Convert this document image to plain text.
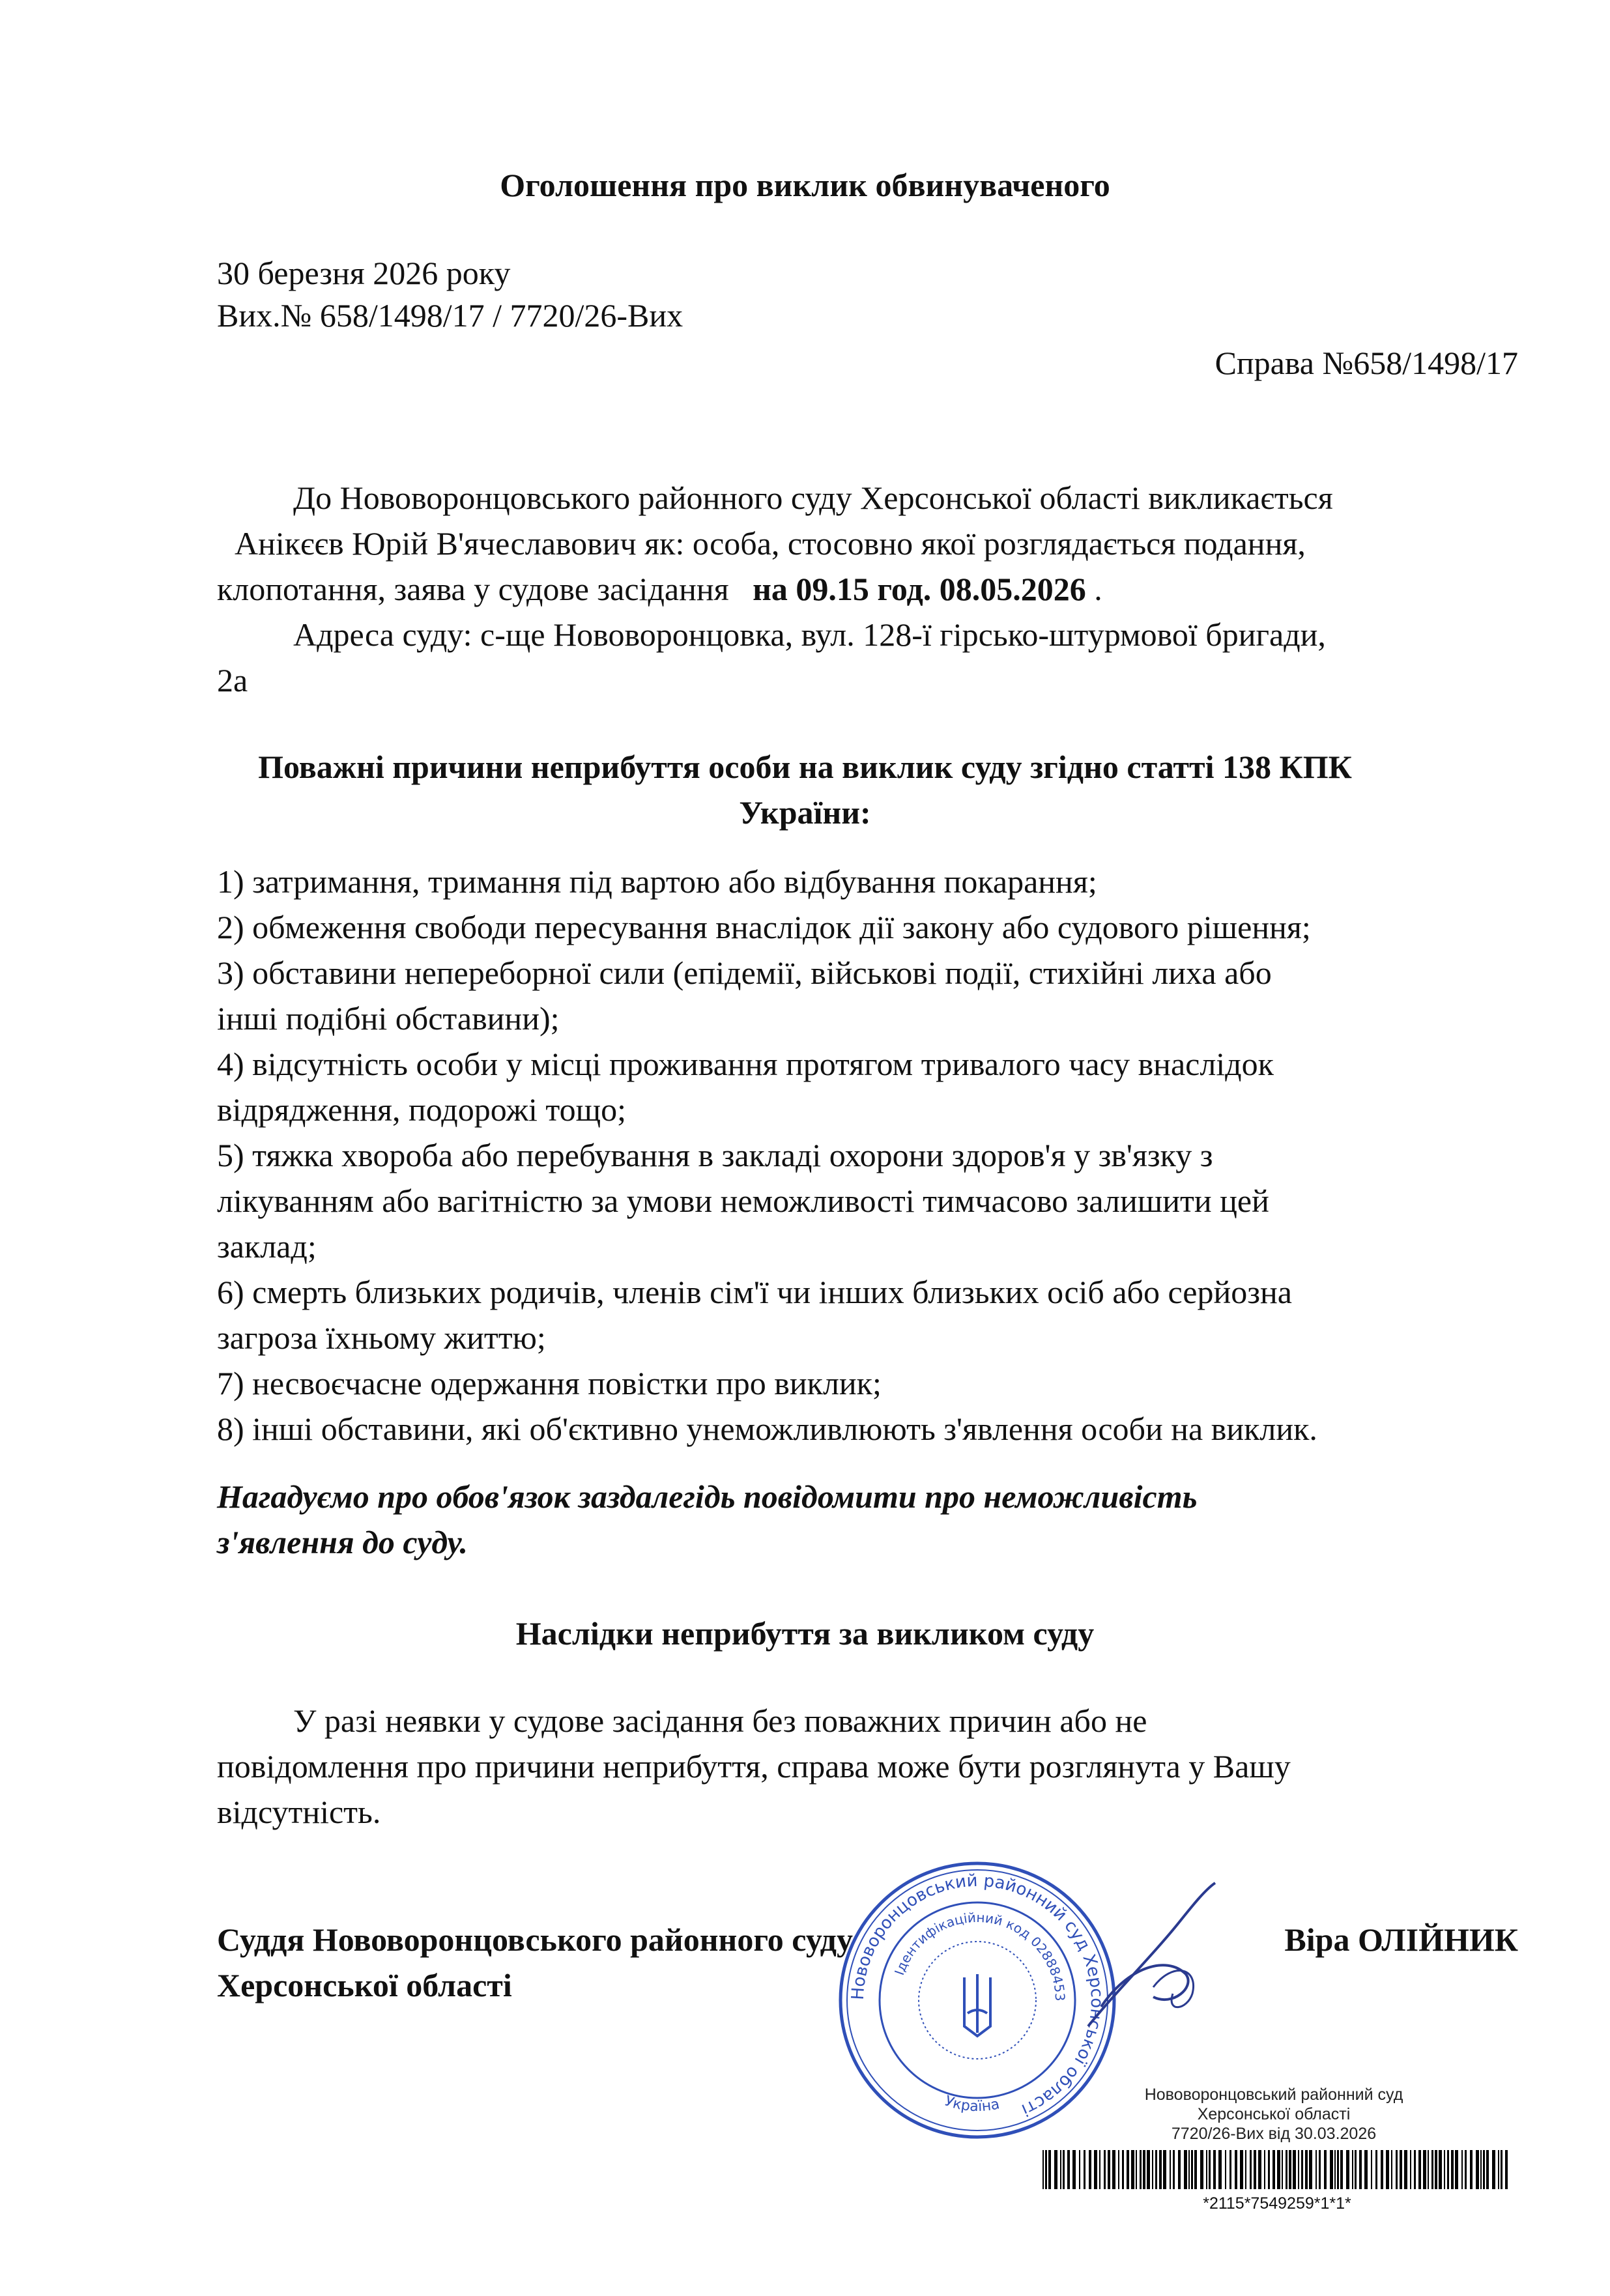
Оголошення про виклик обвинуваченого
30 березня 2026 року
Вих.№ 658/1498/17 / 7720/26-Вих
Справа №658/1498/17
До Нововоронцовського районного суду Херсонської області викликається
Анікєєв Юрій В'ячеславович як: особа, стосовно якої розглядається подання,
клопотання, заява у судове засідання на 09.15 год. 08.05.2026 .
Адреса суду: с-ще Нововоронцовка, вул. 128-ї гірсько-штурмової бригади,
2а
Поважні причини неприбуття особи на виклик суду згідно статті 138 КПК
України:
1) затримання, тримання під вартою або відбування покарання;
2) обмеження свободи пересування внаслідок дії закону або судового рішення;
3) обставини непереборної сили (епідемії, військові події, стихійні лиха або
інші подібні обставини);
4) відсутність особи у місці проживання протягом тривалого часу внаслідок
відрядження, подорожі тощо;
5) тяжка хвороба або перебування в закладі охорони здоров'я у зв'язку з
лікуванням або вагітністю за умови неможливості тимчасово залишити цей
заклад;
6) смерть близьких родичів, членів сім'ї чи інших близьких осіб або серйозна
загроза їхньому життю;
7) несвоєчасне одержання повістки про виклик;
8) інші обставини, які об'єктивно унеможливлюють з'явлення особи на виклик.
Нагадуємо про обов'язок заздалегідь повідомити про неможливість
з'явлення до суду.
Наслідки неприбуття за викликом суду
У разі неявки у судове засідання без поважних причин або не
повідомлення про причини неприбуття, справа може бути розглянута у Вашу
відсутність.
Суддя Нововоронцовського районного суду
Херсонської області
Віра ОЛІЙНИК
Нововоронцовський районний суд Херсонської області
Ідентифікаційний код 02888453
Україна
Нововоронцовський районний суд
Херсонської області
7720/26-Вих від 30.03.2026
*2115*7549259*1*1*
